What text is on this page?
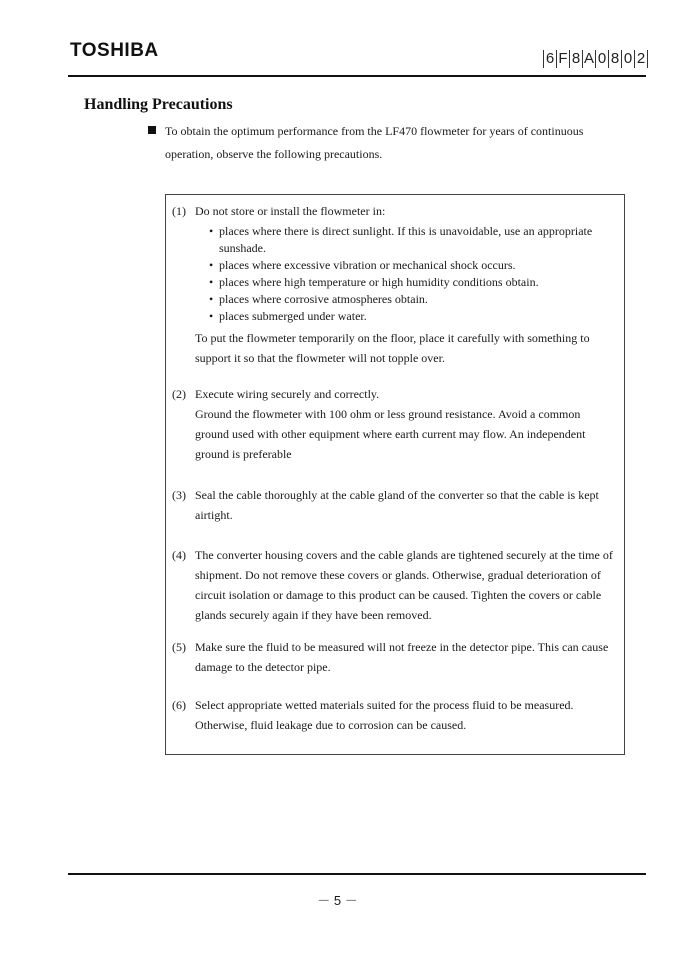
TOSHIBA	6 F 8 A 0 8 0 2
Handling Precautions
To obtain the optimum performance from the LF470 flowmeter for years of continuous operation, observe the following precautions.
(1) Do not store or install the flowmeter in:
• places where there is direct sunlight. If this is unavoidable, use an appropriate sunshade.
• places where excessive vibration or mechanical shock occurs.
• places where high temperature or high humidity conditions obtain.
• places where corrosive atmospheres obtain.
• places submerged under water.
To put the flowmeter temporarily on the floor, place it carefully with something to support it so that the flowmeter will not topple over.
(2) Execute wiring securely and correctly.
Ground the flowmeter with 100 ohm or less ground resistance. Avoid a common ground used with other equipment where earth current may flow. An independent ground is preferable
(3) Seal the cable thoroughly at the cable gland of the converter so that the cable is kept airtight.
(4) The converter housing covers and the cable glands are tightened securely at the time of shipment. Do not remove these covers or glands. Otherwise, gradual deterioration of circuit isolation or damage to this product can be caused. Tighten the covers or cable glands securely again if they have been removed.
(5) Make sure the fluid to be measured will not freeze in the detector pipe. This can cause damage to the detector pipe.
(6) Select appropriate wetted materials suited for the process fluid to be measured. Otherwise, fluid leakage due to corrosion can be caused.
－ 5 －
